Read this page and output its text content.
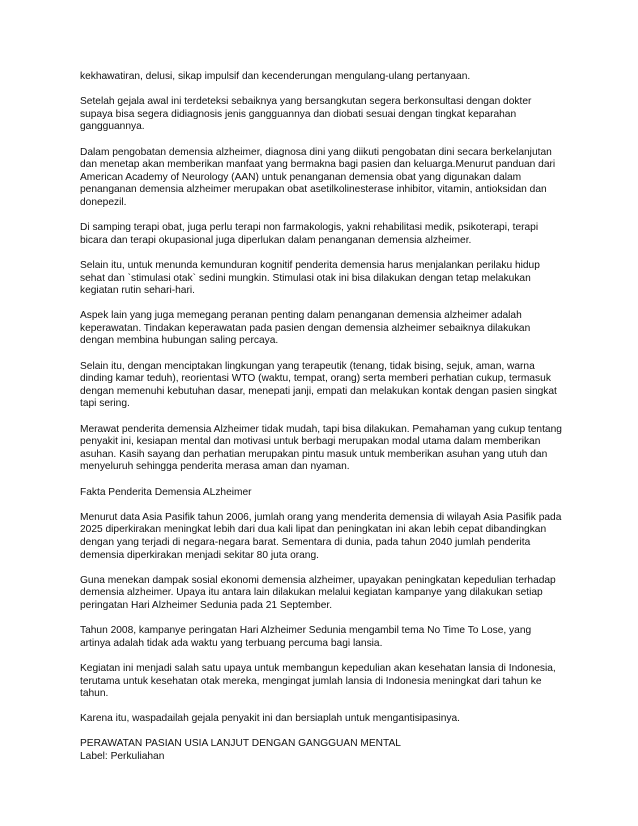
kekhawatiran, delusi, sikap impulsif dan kecenderungan mengulang-ulang pertanyaan.

Setelah gejala awal ini terdeteksi sebaiknya yang bersangkutan segera berkonsultasi dengan dokter supaya bisa segera didiagnosis jenis gangguannya dan diobati sesuai dengan tingkat keparahan gangguannya.

Dalam pengobatan demensia alzheimer, diagnosa dini yang diikuti pengobatan dini secara berkelanjutan dan menetap akan memberikan manfaat yang bermakna bagi pasien dan keluarga.Menurut panduan dari American Academy of Neurology (AAN) untuk penanganan demensia obat yang digunakan dalam penanganan demensia alzheimer merupakan obat asetilkolinesterase inhibitor, vitamin, antioksidan dan donepezil.

Di samping terapi obat, juga perlu terapi non farmakologis, yakni rehabilitasi medik, psikoterapi, terapi bicara dan terapi okupasional juga diperlukan dalam penanganan demensia alzheimer.

Selain itu, untuk menunda kemunduran kognitif penderita demensia harus menjalankan perilaku hidup sehat dan `stimulasi otak` sedini mungkin. Stimulasi otak ini bisa dilakukan dengan tetap melakukan kegiatan rutin sehari-hari.

Aspek lain yang juga memegang peranan penting dalam penanganan demensia alzheimer adalah keperawatan. Tindakan keperawatan pada pasien dengan demensia alzheimer sebaiknya dilakukan dengan membina hubungan saling percaya.

Selain itu, dengan menciptakan lingkungan yang terapeutik (tenang, tidak bising, sejuk, aman, warna dinding kamar teduh), reorientasi WTO (waktu, tempat, orang) serta memberi perhatian cukup, termasuk dengan memenuhi kebutuhan dasar, menepati janji, empati dan melakukan kontak dengan pasien singkat tapi sering.

Merawat penderita demensia Alzheimer tidak mudah, tapi bisa dilakukan. Pemahaman yang cukup tentang penyakit ini, kesiapan mental dan motivasi untuk berbagi merupakan modal utama dalam memberikan asuhan. Kasih sayang dan perhatian merupakan pintu masuk untuk memberikan asuhan yang utuh dan menyeluruh sehingga penderita merasa aman dan nyaman.

Fakta Penderita Demensia ALzheimer

Menurut data Asia Pasifik tahun 2006, jumlah orang yang menderita demensia di wilayah Asia Pasifik pada 2025 diperkirakan meningkat lebih dari dua kali lipat dan peningkatan ini akan lebih cepat dibandingkan dengan yang terjadi di negara-negara barat. Sementara di dunia, pada tahun 2040 jumlah penderita demensia diperkirakan menjadi sekitar 80 juta orang.

Guna menekan dampak sosial ekonomi demensia alzheimer, upayakan peningkatan kepedulian terhadap demensia alzheimer. Upaya itu antara lain dilakukan melalui kegiatan kampanye yang dilakukan setiap peringatan Hari Alzheimer Sedunia pada 21 September.

Tahun 2008, kampanye peringatan Hari Alzheimer Sedunia mengambil tema No Time To Lose, yang artinya adalah tidak ada waktu yang terbuang percuma bagi lansia.

Kegiatan ini menjadi salah satu upaya untuk membangun kepedulian akan kesehatan lansia di Indonesia, terutama untuk kesehatan otak mereka, mengingat jumlah lansia di Indonesia meningkat dari tahun ke tahun.

Karena itu, waspadailah gejala penyakit ini dan bersiaplah untuk mengantisipasinya.

PERAWATAN PASIAN USIA LANJUT DENGAN GANGGUAN MENTAL

Label: Perkuliahan
